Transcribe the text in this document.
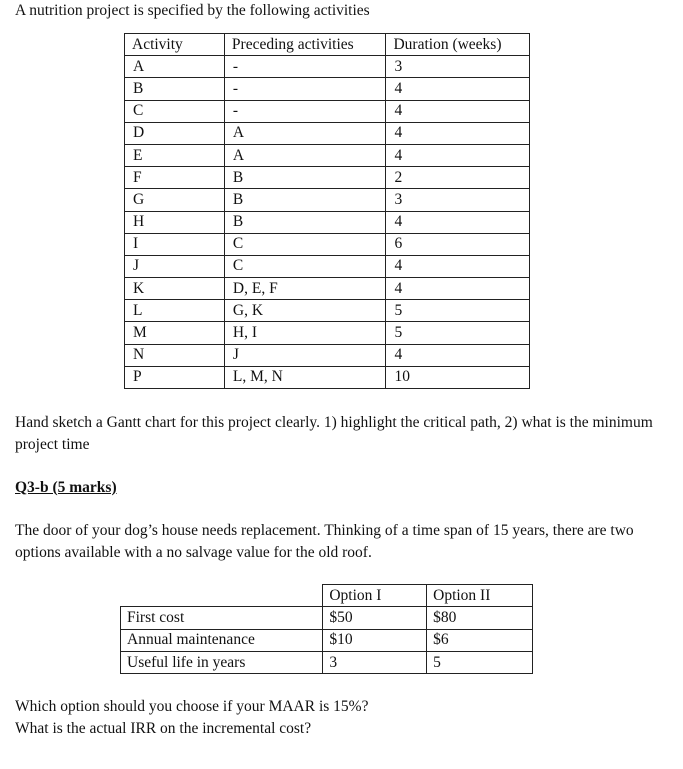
A nutrition project is specified by the following activities

Activity	Preceding activities	Duration (weeks)
A	-	3
B	-	4
C	-	4
D	A	4
E	A	4
F	B	2
G	B	3
H	B	4
I	C	6
J	C	4
K	D, E, F	4
L	G, K	5
M	H, I	5
N	J	4
P	L, M, N	10

Hand sketch a Gantt chart for this project clearly. 1) highlight the critical path, 2) what is the minimum project time

Q3-b (5 marks)

The door of your dog’s house needs replacement. Thinking of a time span of 15 years, there are two options available with a no salvage value for the old roof.

	Option I	Option II
First cost	$50	$80
Annual maintenance	$10	$6
Useful life in years	3	5

Which option should you choose if your MAAR is 15%?

What is the actual IRR on the incremental cost?
